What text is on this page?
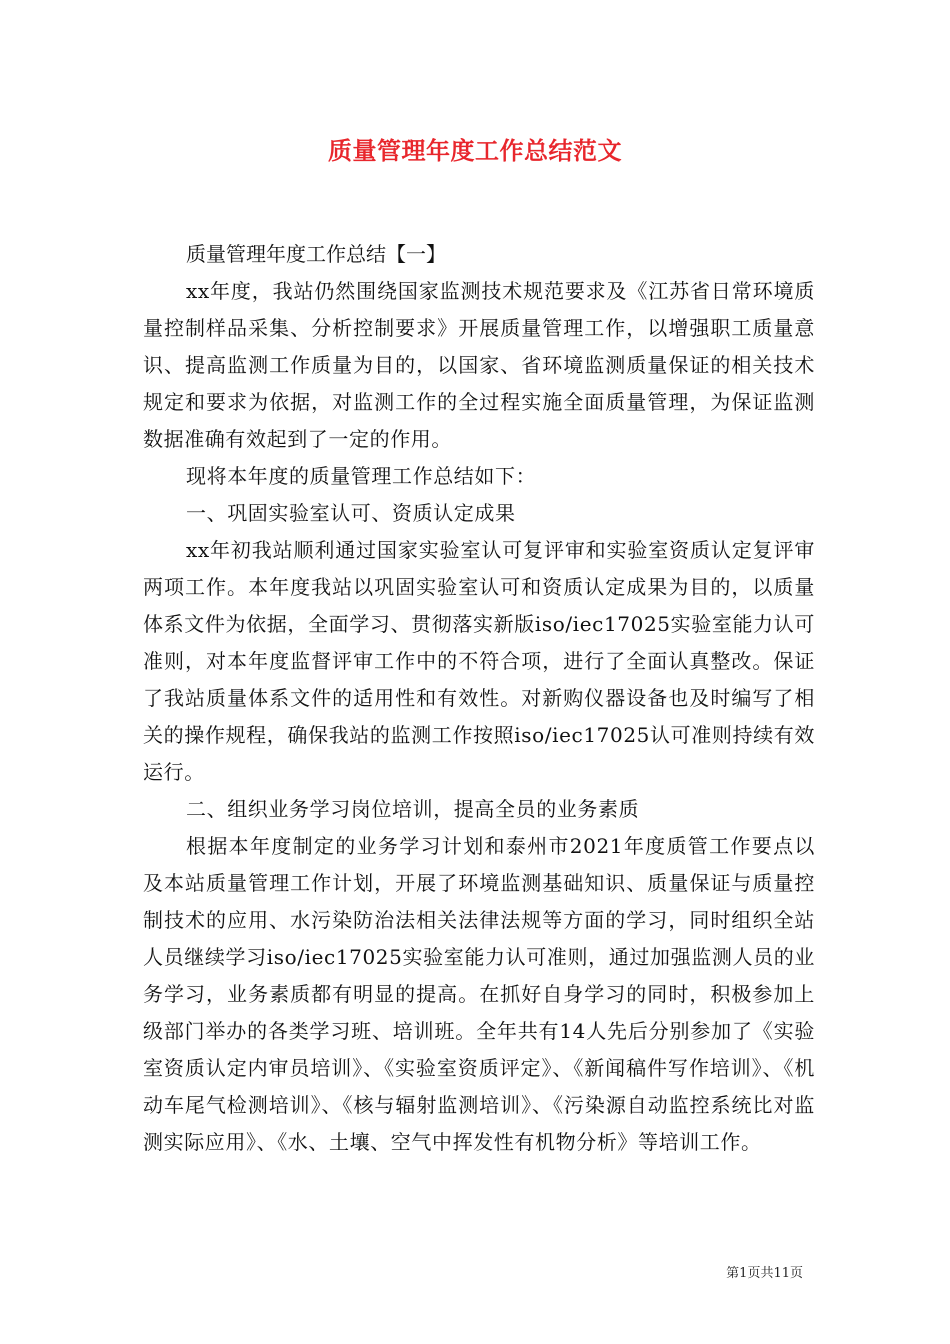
质量管理年度工作总结范文

质量管理年度工作总结【一】

xx年度，我站仍然围绕国家监测技术规范要求及《江苏省日常环境质量控制样品采集、分析控制要求》开展质量管理工作，以增强职工质量意识、提高监测工作质量为目的，以国家、省环境监测质量保证的相关技术规定和要求为依据，对监测工作的全过程实施全面质量管理，为保证监测数据准确有效起到了一定的作用。

现将本年度的质量管理工作总结如下：

一、巩固实验室认可、资质认定成果

xx年初我站顺利通过国家实验室认可复评审和实验室资质认定复评审两项工作。本年度我站以巩固实验室认可和资质认定成果为目的，以质量体系文件为依据，全面学习、贯彻落实新版iso/iec17025实验室能力认可准则，对本年度监督评审工作中的不符合项，进行了全面认真整改。保证了我站质量体系文件的适用性和有效性。对新购仪器设备也及时编写了相关的操作规程，确保我站的监测工作按照iso/iec17025认可准则持续有效运行。

二、组织业务学习岗位培训，提高全员的业务素质

根据本年度制定的业务学习计划和泰州市2021年度质管工作要点以及本站质量管理工作计划，开展了环境监测基础知识、质量保证与质量控制技术的应用、水污染防治法相关法律法规等方面的学习，同时组织全站人员继续学习iso/iec17025实验室能力认可准则，通过加强监测人员的业务学习，业务素质都有明显的提高。在抓好自身学习的同时，积极参加上级部门举办的各类学习班、培训班。全年共有14人先后分别参加了《实验室资质认定内审员培训》、《实验室资质评定》、《新闻稿件写作培训》、《机动车尾气检测培训》、《核与辐射监测培训》、《污染源自动监控系统比对监测实际应用》、《水、土壤、空气中挥发性有机物分析》等培训工作。

第1页共11页
